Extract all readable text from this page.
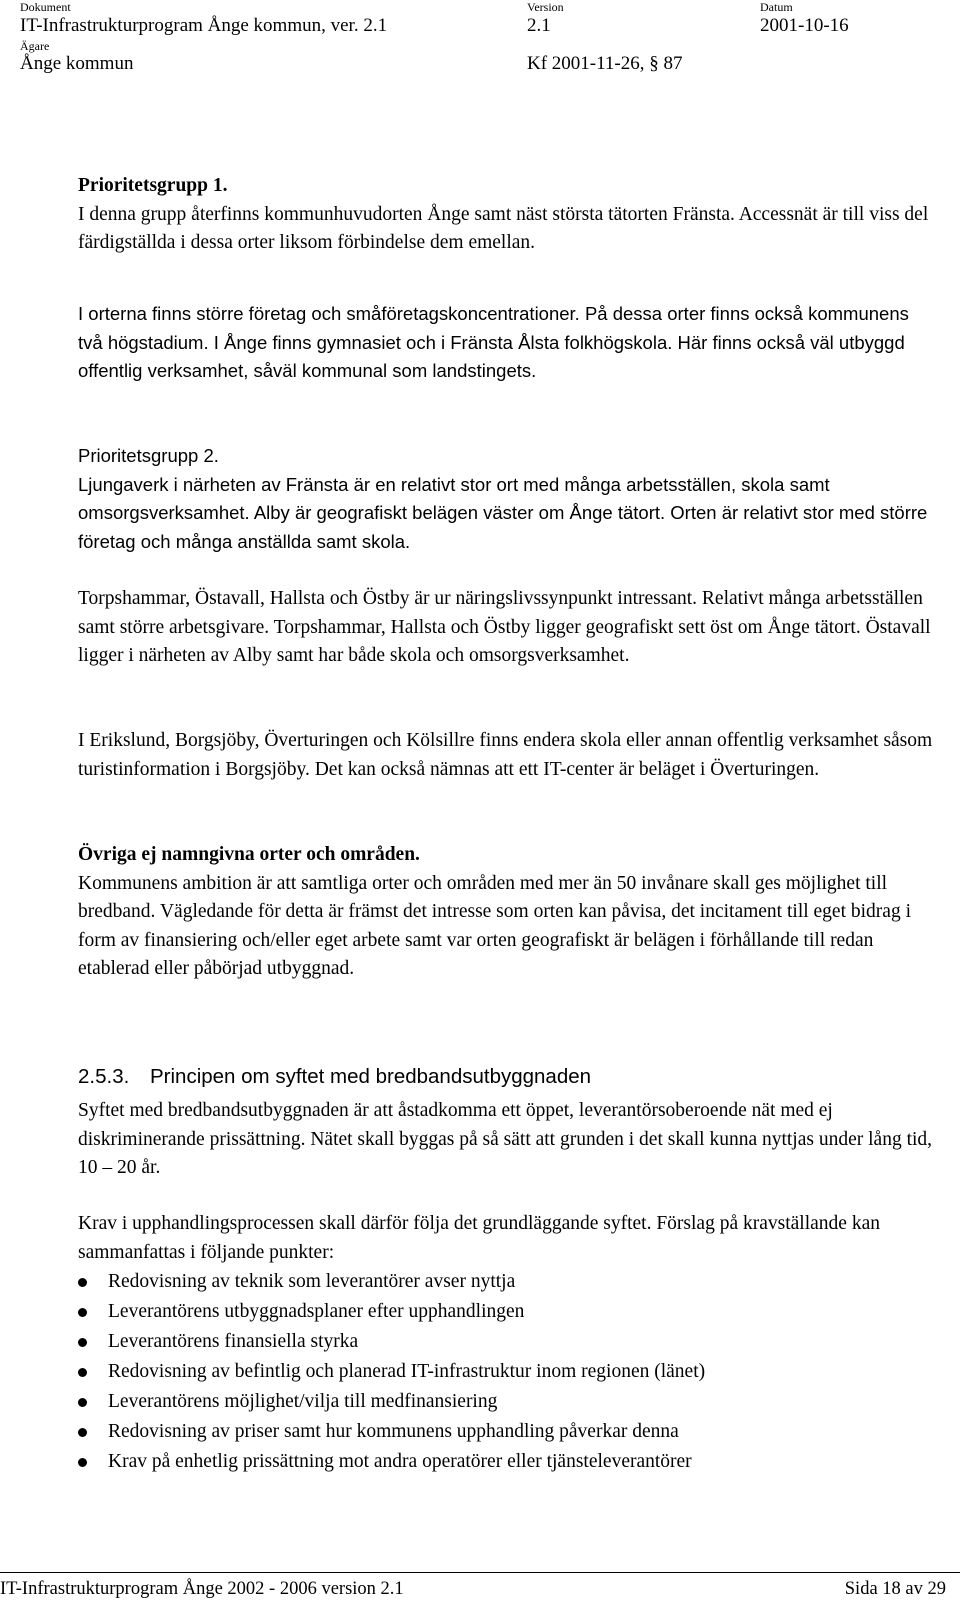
Dokument	Version	Datum
IT-Infrastrukturprogram Ånge kommun, ver. 2.1	2.1	2001-10-16
Ägare
Ånge kommun	Kf 2001-11-26, § 87

Prioritetsgrupp 1.

I denna grupp återfinns kommunhuvudorten Ånge samt näst största tätorten Fränsta. Accessnät är till viss del färdigställda i dessa orter liksom förbindelse dem emellan.

I orterna finns större företag och småföretagskoncentrationer. På dessa orter finns också kommunens två högstadium. I Ånge finns gymnasiet och i Fränsta Ålsta folkhögskola. Här finns också väl utbyggd offentlig verksamhet, såväl kommunal som landstingets.

Prioritetsgrupp 2.

Ljungaverk i närheten av Fränsta är en relativt stor ort med många arbetsställen, skola samt omsorgsverksamhet. Alby är geografiskt belägen väster om Ånge tätort. Orten är relativt stor med större företag och många anställda samt skola.

Torpshammar, Östavall, Hallsta och Östby är ur näringslivssynpunkt intressant. Relativt många arbetsställen samt större arbetsgivare. Torpshammar, Hallsta och Östby ligger geografiskt sett öst om Ånge tätort. Östavall ligger i närheten av Alby samt har både skola och omsorgsverksamhet.

I Erikslund, Borgsjöby, Överturingen och Kölsillre finns endera skola eller annan offentlig verksamhet såsom turistinformation i Borgsjöby. Det kan också nämnas att ett IT-center är beläget i Överturingen.

Övriga ej namngivna orter och områden.

Kommunens ambition är att samtliga orter och områden med mer än 50 invånare skall ges möjlighet till bredband. Vägledande för detta är främst det intresse som orten kan påvisa, det incitament till eget bidrag i form av finansiering och/eller eget arbete samt var orten geografiskt är belägen i förhållande till redan etablerad eller påbörjad utbyggnad.

2.5.3. Principen om syftet med bredbandsutbyggnaden

Syftet med bredbandsutbyggnaden är att åstadkomma ett öppet, leverantörsoberoende nät med ej diskriminerande prissättning. Nätet skall byggas på så sätt att grunden i det skall kunna nyttjas under lång tid, 10 – 20 år.

Krav i upphandlingsprocessen skall därför följa det grundläggande syftet. Förslag på kravställande kan sammanfattas i följande punkter:

Redovisning av teknik som leverantörer avser nyttja
Leverantörens utbyggnadsplaner efter upphandlingen
Leverantörens finansiella styrka
Redovisning av befintlig och planerad IT-infrastruktur inom regionen (länet)
Leverantörens möjlighet/vilja till medfinansiering
Redovisning av priser samt hur kommunens upphandling påverkar denna
Krav på enhetlig prissättning mot andra operatörer eller tjänsteleverantörer
IT-Infrastrukturprogram Ånge 2002 - 2006 version 2.1	Sida 18 av 29
